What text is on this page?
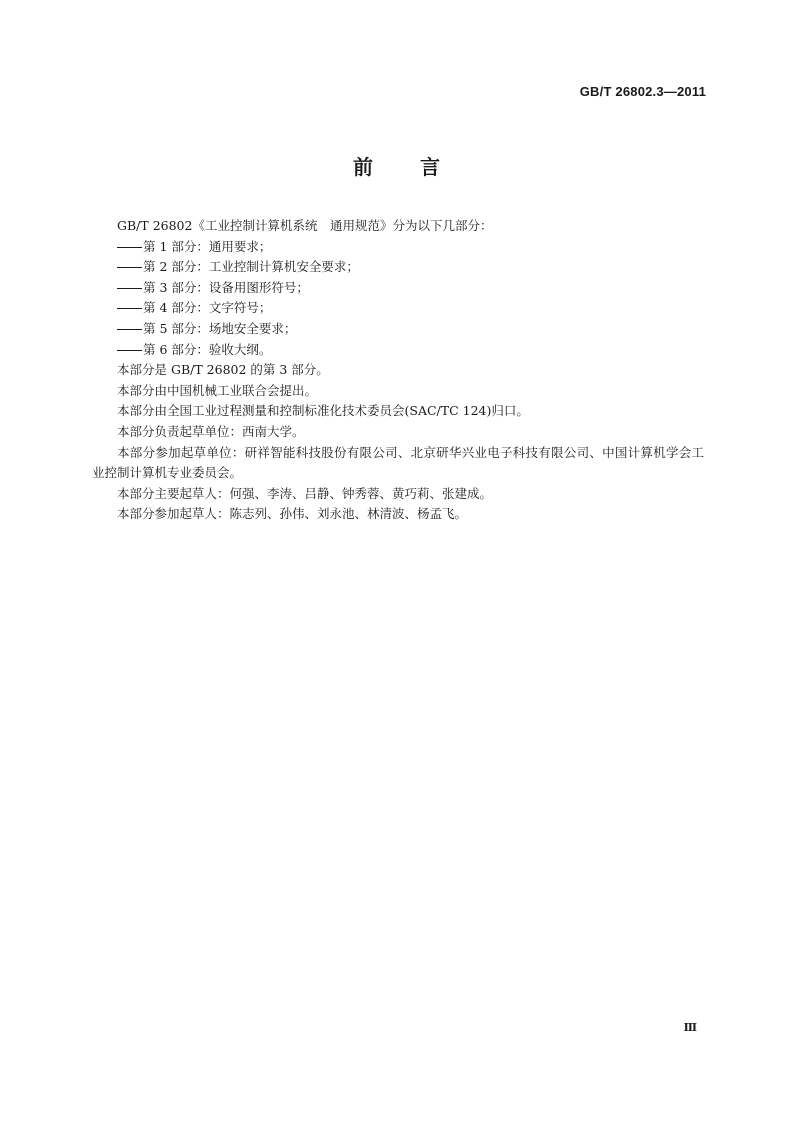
GB/T 26802.3—2011
前 言

GB/T 26802《工业控制计算机系统　通用规范》分为以下几部分：

第 1 部分：通用要求；

第 2 部分：工业控制计算机安全要求；

第 3 部分：设备用图形符号；

第 4 部分：文字符号；

第 5 部分：场地安全要求；

第 6 部分：验收大纲。

本部分是 GB/T 26802 的第 3 部分。

本部分由中国机械工业联合会提出。

本部分由全国工业过程测量和控制标准化技术委员会(SAC/TC 124)归口。

本部分负责起草单位：西南大学。

本部分参加起草单位：研祥智能科技股份有限公司、北京研华兴业电子科技有限公司、中国计算机学会工业控制计算机专业委员会。

本部分主要起草人：何强、李涛、吕静、钟秀蓉、黄巧莉、张建成。

本部分参加起草人：陈志列、孙伟、刘永池、林清波、杨孟飞。

Ⅲ
